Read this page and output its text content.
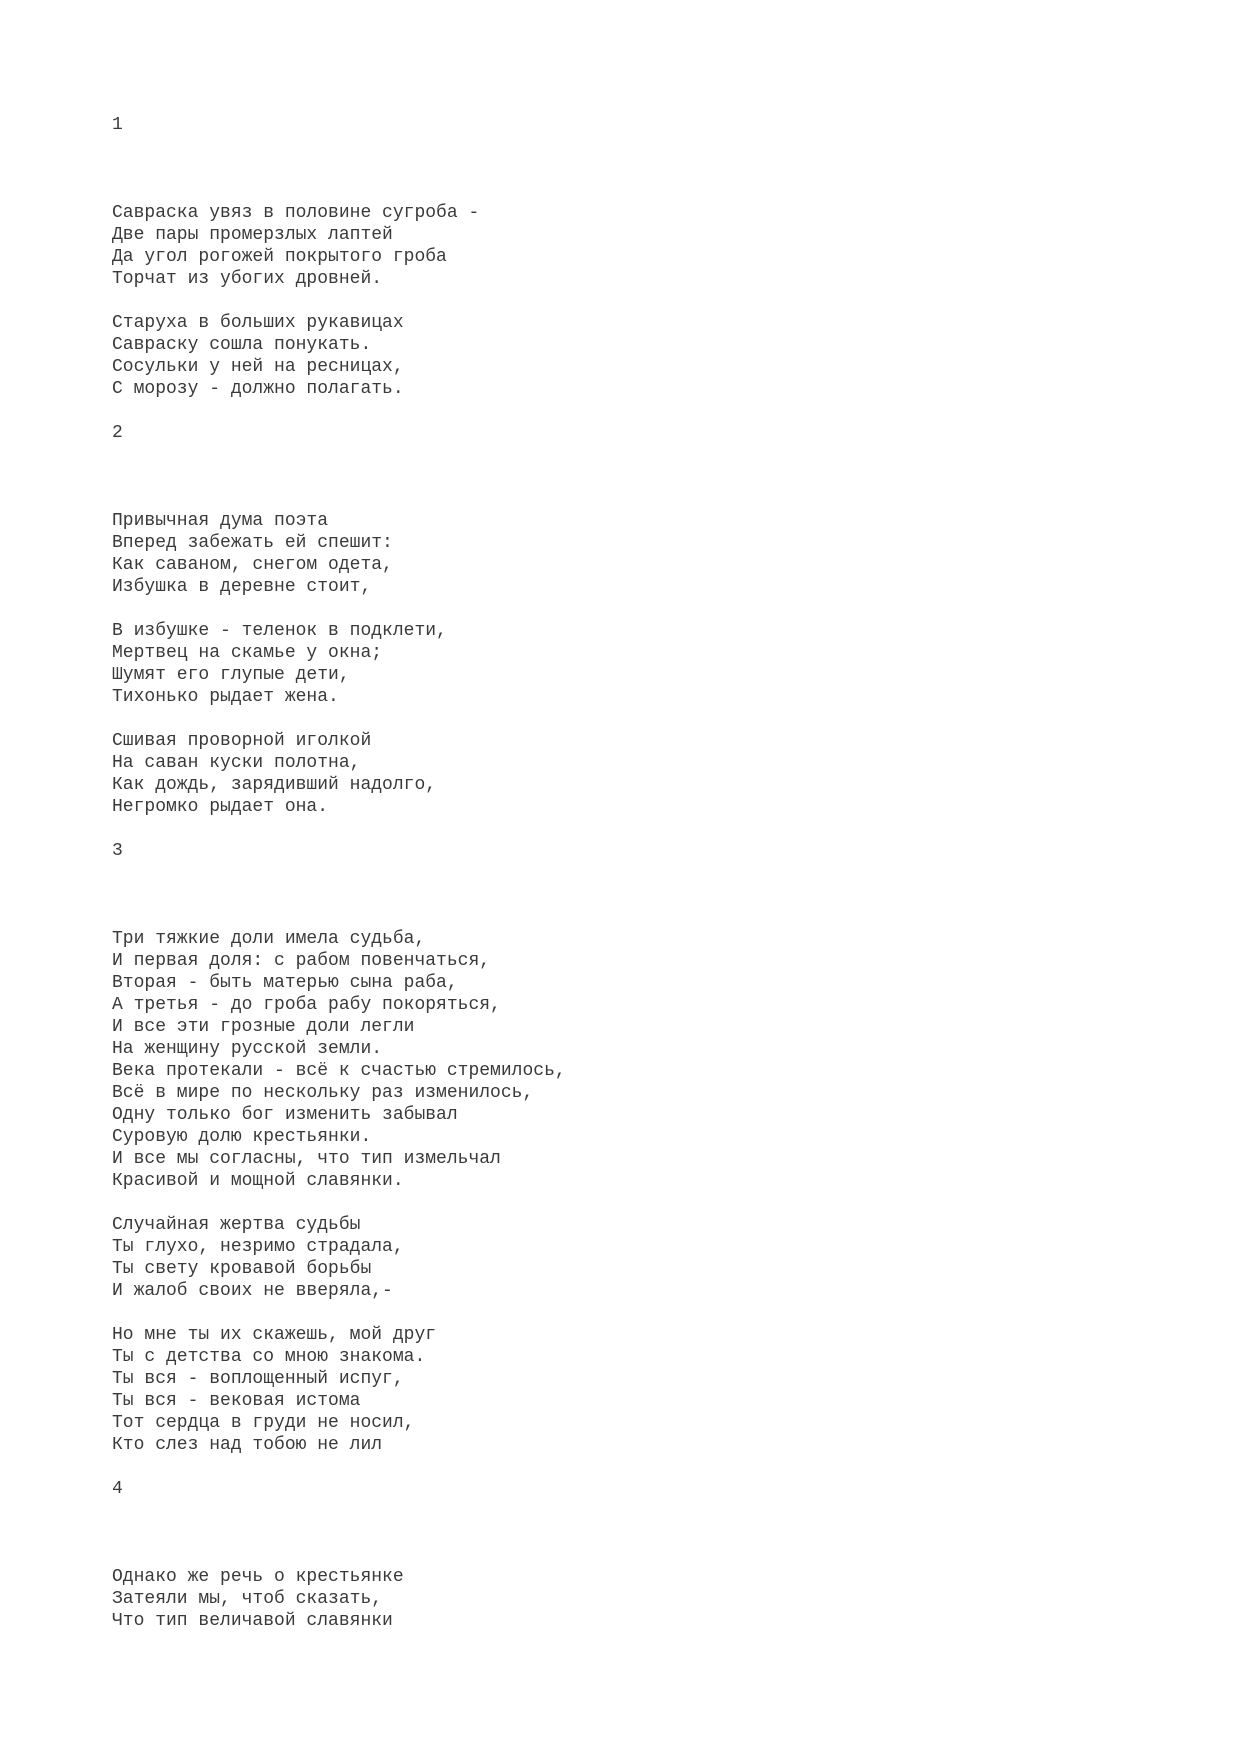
1
Савраска увяз в половине сугроба -
Две пары промерзлых лаптей
Да угол рогожей покрытого гроба
Торчат из убогих дровней.
Старуха в больших рукавицах
Савраску сошла понукать.
Сосульки у ней на ресницах,
С морозу - должно полагать.
2
Привычная дума поэта
Вперед забежать ей спешит:
Как саваном, снегом одета,
Избушка в деревне стоит,
В избушке - теленок в подклети,
Мертвец на скамье у окна;
Шумят его глупые дети,
Тихонько рыдает жена.
Сшивая проворной иголкой
На саван куски полотна,
Как дождь, зарядивший надолго,
Негромко рыдает она.
3
Три тяжкие доли имела судьба,
И первая доля: с рабом повенчаться,
Вторая - быть матерью сына раба,
А третья - до гроба рабу покоряться,
И все эти грозные доли легли
На женщину русской земли.
Века протекали - всё к счастью стремилось,
Всё в мире по нескольку раз изменилось,
Одну только бог изменить забывал
Суровую долю крестьянки.
И все мы согласны, что тип измельчал
Красивой и мощной славянки.
Случайная жертва судьбы
Ты глухо, незримо страдала,
Ты свету кровавой борьбы
И жалоб своих не вверяла,-
Но мне ты их скажешь, мой друг
Ты с детства со мною знакома.
Ты вся - воплощенный испуг,
Ты вся - вековая истома
Тот сердца в груди не носил,
Кто слез над тобою не лил
4
Однако же речь о крестьянке
Затеяли мы, чтоб сказать,
Что тип величавой славянки
